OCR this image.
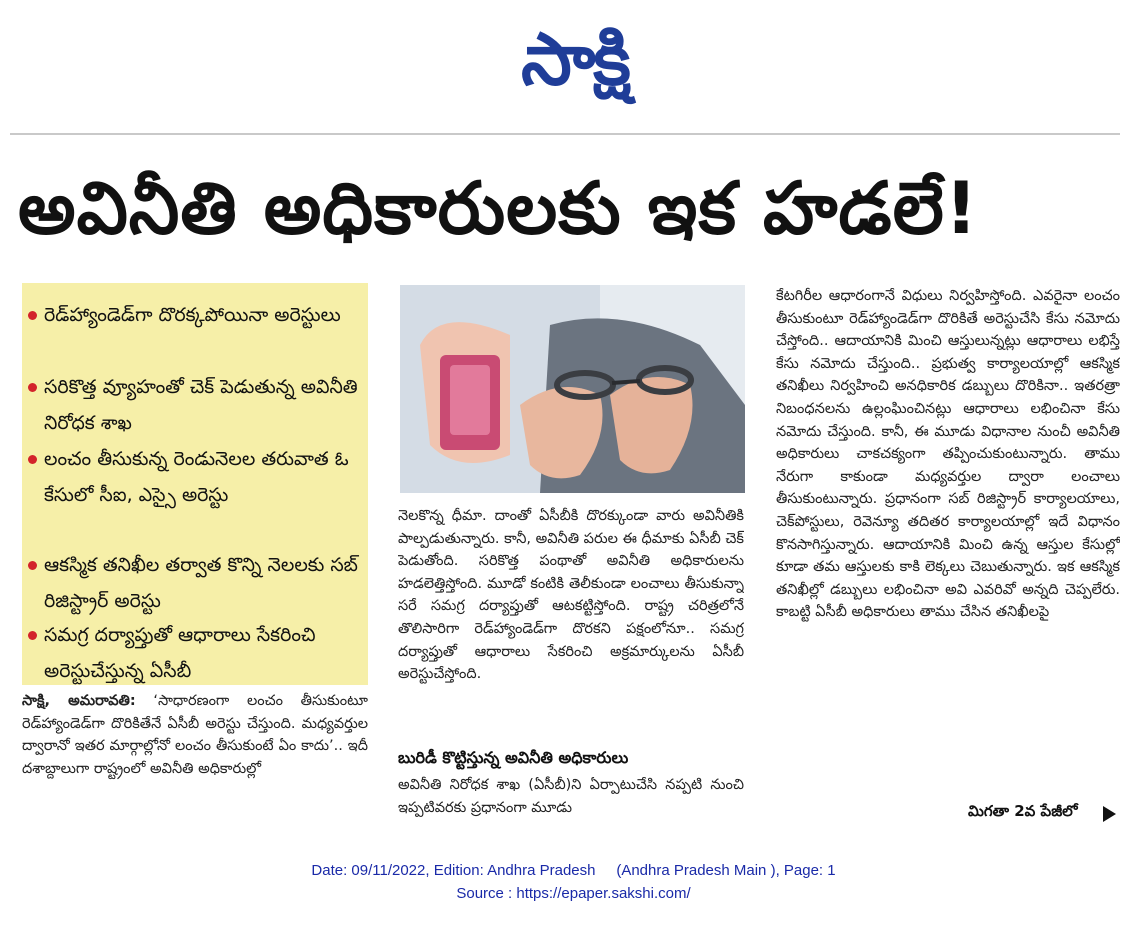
సాక్షి
అవినీతి అధికారులకు ఇక హడలే!
రెడ్‌హ్యాండెడ్‌గా దొరక్కపోయినా అరెస్టులు
సరికొత్త వ్యూహంతో చెక్ పెడుతున్న అవినీతి నిరోధక శాఖ
లంచం తీసుకున్న రెండునెలల తరువాత ఓ కేసులో సీఐ, ఎస్సై అరెస్టు
ఆకస్మిక తనిఖీల తర్వాత కొన్ని నెలలకు సబ్ రిజిస్ట్రార్ అరెస్టు
సమగ్ర దర్యాప్తుతో ఆధారాలు సేకరించి అరెస్టుచేస్తున్న ఏసీబీ
సాక్షి, అమరావతి: ‘సాధారణంగా లంచం తీసుకుంటూ రెడ్‌హ్యాండెడ్‌గా దొరికితేనే ఏసీబీ అరెస్టు చేస్తుంది. మధ్యవర్తుల ద్వారానో ఇతర మార్గాల్లోనో లంచం తీసుకుంటే ఏం కాదు’.. ఇదీ దశాబ్దాలుగా రాష్ట్రంలో అవినీతి అధికారుల్లో
నెలకొన్న ధీమా. దాంతో ఏసీబీకి దొరక్కుండా వారు అవినీతికి పాల్పడుతున్నారు. కానీ, అవినీతి పరుల ఈ ధీమాకు ఏసీబీ చెక్ పెడుతోంది. సరికొత్త పంథాతో అవినీతి అధికారులను హడలెత్తిస్తోంది. మూడో కంటికి తెలీకుండా లంచాలు తీసుకున్నా సరే సమగ్ర దర్యాప్తుతో ఆటకట్టిస్తోంది. రాష్ట్ర చరిత్రలోనే తొలిసారిగా రెడ్‌హ్యాండెడ్‌గా దొరకని పక్షంలోనూ.. సమగ్ర దర్యాప్తుతో ఆధారాలు సేకరించి అక్రమార్కులను ఏసీబీ అరెస్టుచేస్తోంది.
బురిడీ కొట్టిస్తున్న అవినీతి అధికారులు
అవినీతి నిరోధక శాఖ (ఏసీబీ)ని ఏర్పాటుచేసి నప్పటి నుంచి ఇప్పటివరకు ప్రధానంగా మూడు
కేటగిరీల ఆధారంగానే విధులు నిర్వహిస్తోంది. ఎవరైనా లంచం తీసుకుంటూ రెడ్‌హ్యాండెడ్‌గా దొరికితే అరెస్టుచేసి కేసు నమోదు చేస్తోంది.. ఆదాయానికి మించి ఆస్తులున్నట్లు ఆధారాలు లభిస్తే కేసు నమోదు చేస్తుంది.. ప్రభుత్వ కార్యాలయాల్లో ఆకస్మిక తనిఖీలు నిర్వహించి అనధికారిక డబ్బులు దొరికినా.. ఇతరత్రా నిబంధనలను ఉల్లంఘించినట్లు ఆధారాలు లభించినా కేసు నమోదు చేస్తుంది. కానీ, ఈ మూడు విధానాల నుంచీ అవినీతి అధికారులు చాకచక్యంగా తప్పించుకుంటున్నారు. తాము నేరుగా కాకుండా మధ్యవర్తుల ద్వారా లంచాలు తీసుకుంటున్నారు. ప్రధానంగా సబ్ రిజిస్ట్రార్ కార్యాలయాలు, చెక్‌పోస్టులు, రెవెన్యూ తదితర కార్యాలయాల్లో ఇదే విధానం కొనసాగిస్తున్నారు. ఆదాయానికి మించి ఉన్న ఆస్తుల కేసుల్లో కూడా తమ ఆస్తులకు కాకి లెక్కలు చెబుతున్నారు. ఇక ఆకస్మిక తనిఖీల్లో డబ్బులు లభించినా అవి ఎవరివో అన్నది చెప్పలేరు. కాబట్టి ఏసీబీ అధికారులు తాము చేసిన తనిఖీలపై
మిగతా 2వ పేజీలో
Date: 09/11/2022, Edition: Andhra Pradesh     (Andhra Pradesh Main ), Page: 1
Source : https://epaper.sakshi.com/
